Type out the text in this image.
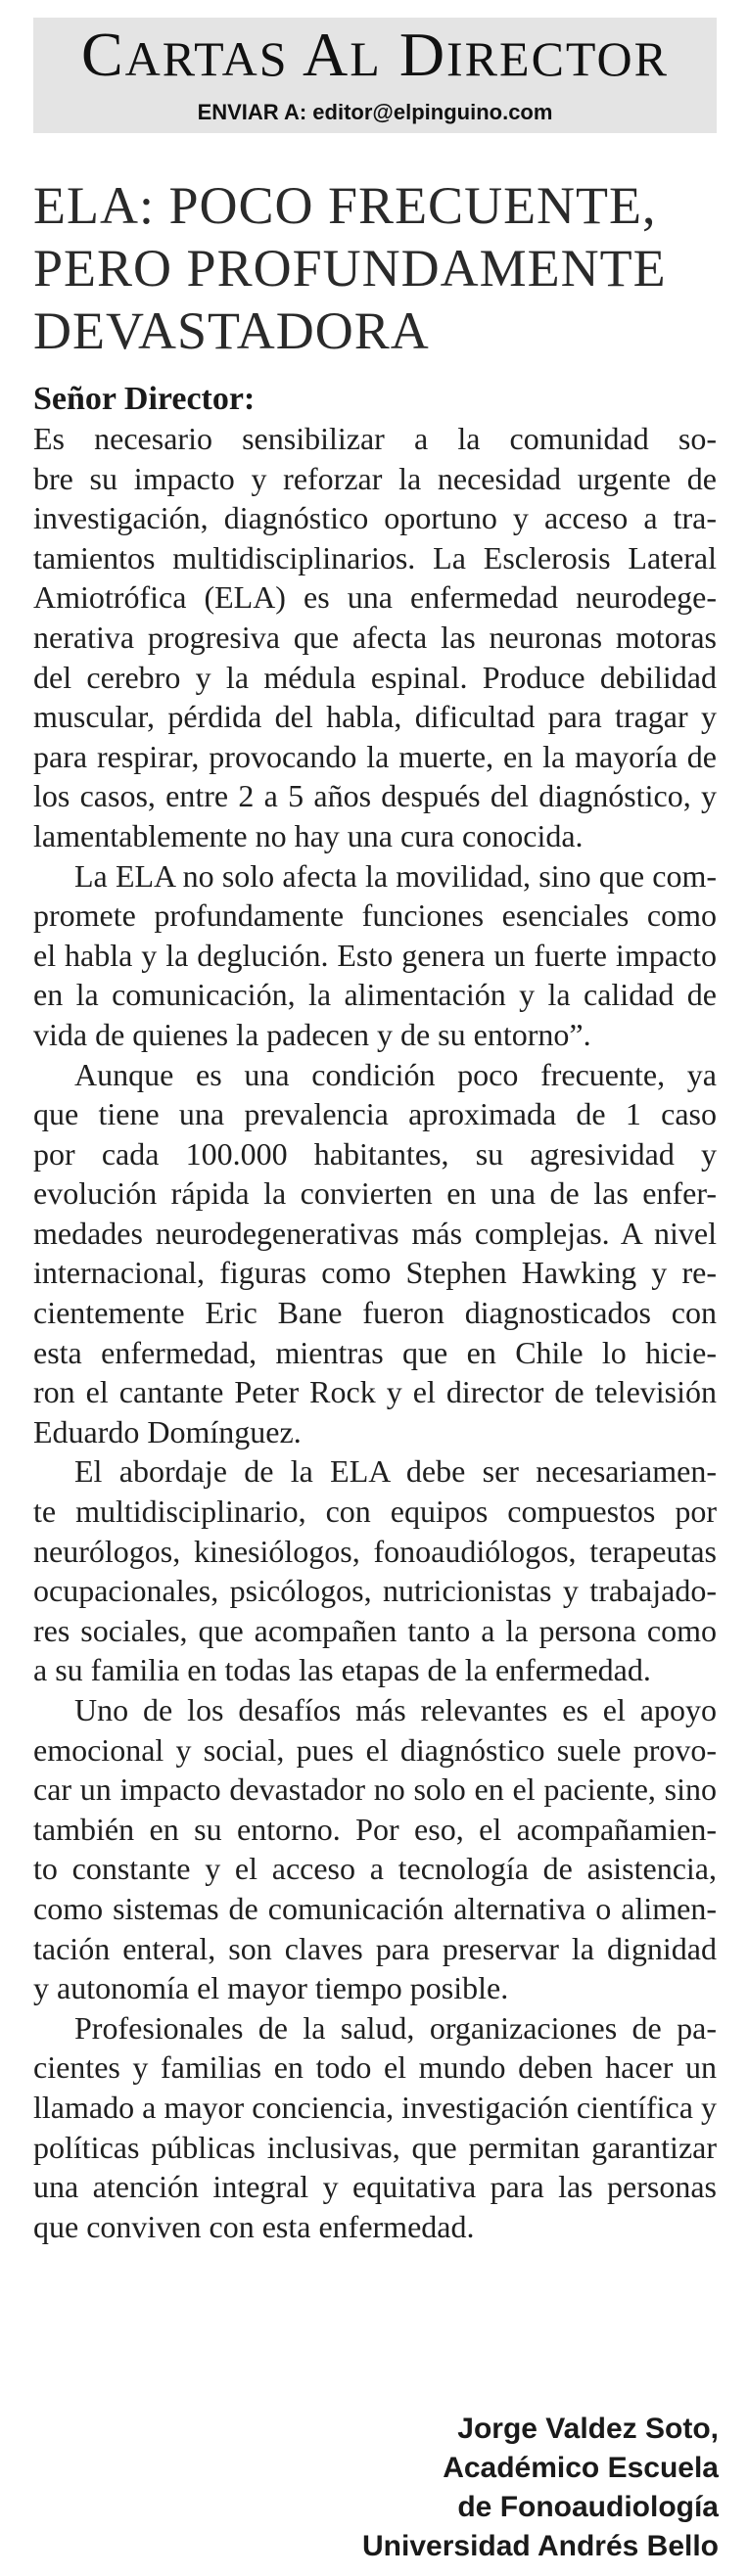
CARTAS AL DIRECTOR
ENVIAR A: editor@elpinguino.com
ELA: POCO FRECUENTE,
PERO PROFUNDAMENTE
DEVASTADORA
Señor Director:
Es necesario sensibilizar a la comunidad so-
bre su impacto y reforzar la necesidad urgente de
investigación, diagnóstico oportuno y acceso a tra-
tamientos multidisciplinarios. La Esclerosis Lateral
Amiotrófica (ELA) es una enfermedad neurodege-
nerativa progresiva que afecta las neuronas motoras
del cerebro y la médula espinal. Produce debilidad
muscular, pérdida del habla, dificultad para tragar y
para respirar, provocando la muerte, en la mayoría de
los casos, entre 2 a 5 años después del diagnóstico, y
lamentablemente no hay una cura conocida.
La ELA no solo afecta la movilidad, sino que com-
promete profundamente funciones esenciales como
el habla y la deglución. Esto genera un fuerte impacto
en la comunicación, la alimentación y la calidad de
vida de quienes la padecen y de su entorno”.
Aunque es una condición poco frecuente, ya
que tiene una prevalencia aproximada de 1 caso
por cada 100.000 habitantes, su agresividad y
evolución rápida la convierten en una de las enfer-
medades neurodegenerativas más complejas. A nivel
internacional, figuras como Stephen Hawking y re-
cientemente Eric Bane fueron diagnosticados con
esta enfermedad, mientras que en Chile lo hicie-
ron el cantante Peter Rock y el director de televisión
Eduardo Domínguez.
El abordaje de la ELA debe ser necesariamen-
te multidisciplinario, con equipos compuestos por
neurólogos, kinesiólogos, fonoaudiólogos, terapeutas
ocupacionales, psicólogos, nutricionistas y trabajado-
res sociales, que acompañen tanto a la persona como
a su familia en todas las etapas de la enfermedad.
Uno de los desafíos más relevantes es el apoyo
emocional y social, pues el diagnóstico suele provo-
car un impacto devastador no solo en el paciente, sino
también en su entorno. Por eso, el acompañamien-
to constante y el acceso a tecnología de asistencia,
como sistemas de comunicación alternativa o alimen-
tación enteral, son claves para preservar la dignidad
y autonomía el mayor tiempo posible.
Profesionales de la salud, organizaciones de pa-
cientes y familias en todo el mundo deben hacer un
llamado a mayor conciencia, investigación científica y
políticas públicas inclusivas, que permitan garantizar
una atención integral y equitativa para las personas
que conviven con esta enfermedad.
Jorge Valdez Soto,
Académico Escuela
de Fonoaudiología
Universidad Andrés Bello
